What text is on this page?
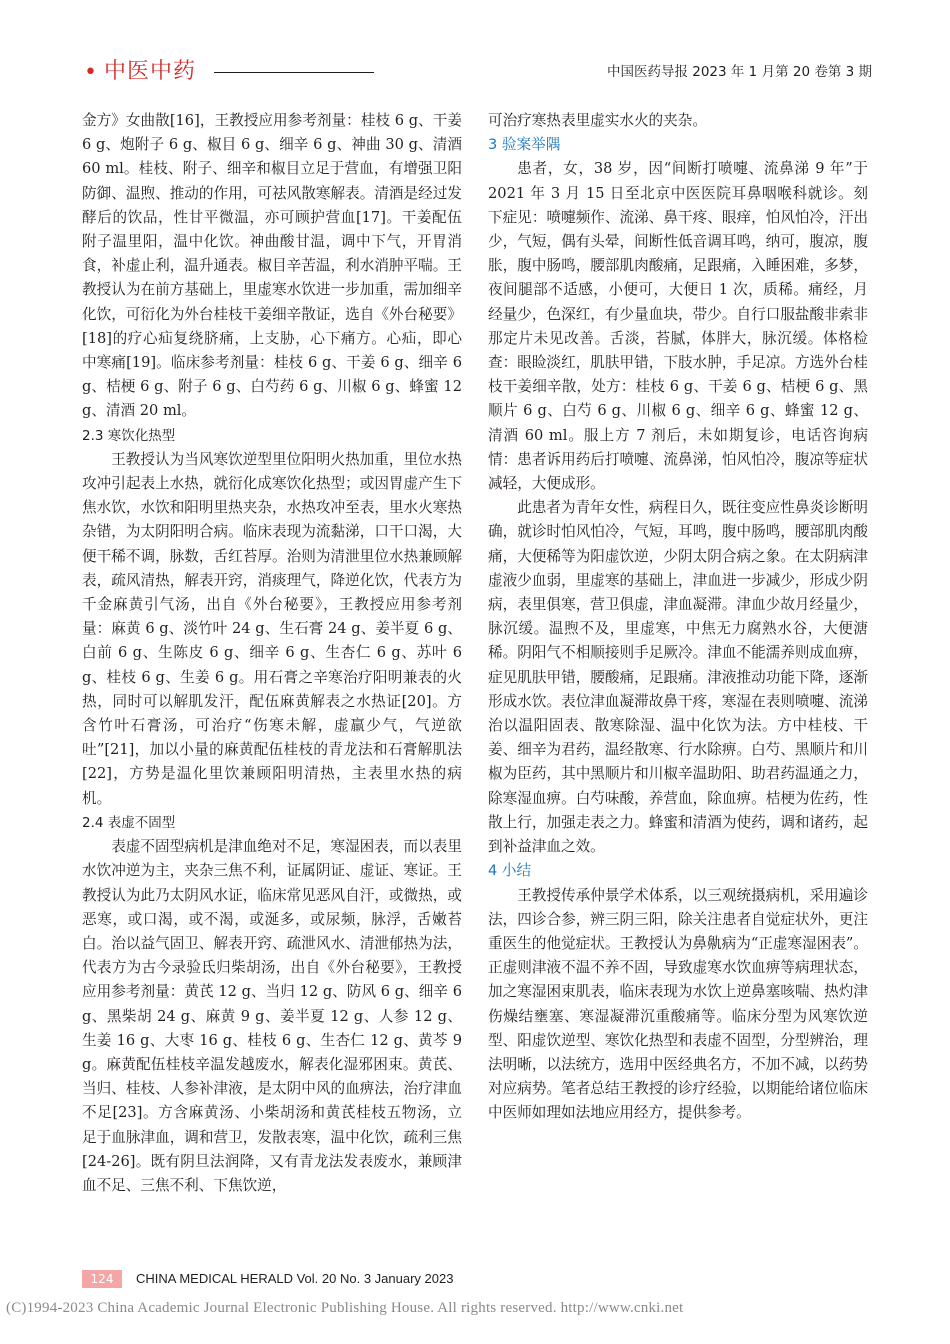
• 中医中药	中国医药导报 2023 年 1 月第 20 卷第 3 期

金方》女曲散[16]，王教授应用参考剂量：桂枝 6 g、干姜 6 g、炮附子 6 g、椒目 6 g、细辛 6 g、神曲 30 g、清酒 60 ml。桂枝、附子、细辛和椒目立足于营血，有增强卫阳防御、温煦、推动的作用，可祛风散寒解表。清酒是经过发酵后的饮品，性甘平微温，亦可顾护营血[17]。干姜配伍附子温里阳，温中化饮。神曲酸甘温，调中下气，开胃消食，补虚止利，温升通表。椒目辛苦温，利水消肿平喘。王教授认为在前方基础上，里虚寒水饮进一步加重，需加细辛化饮，可衍化为外台桂枝干姜细辛散证，选自《外台秘要》[18]的疗心疝复绕脐痛，上支胁，心下痛方。心疝，即心中寒痛[19]。临床参考剂量：桂枝 6 g、干姜 6 g、细辛 6 g、桔梗 6 g、附子 6 g、白芍药 6 g、川椒 6 g、蜂蜜 12 g、清酒 20 ml。

2.3 寒饮化热型

王教授认为当风寒饮逆型里位阳明火热加重，里位水热攻冲引起表上水热，就衍化成寒饮化热型；或因胃虚产生下焦水饮，水饮和阳明里热夹杂，水热攻冲至表，里水火寒热杂错，为太阴阳明合病。临床表现为流黏涕，口干口渴，大便干稀不调，脉数，舌红苔厚。治则为清泄里位水热兼顾解表，疏风清热，解表开窍，消痰理气，降逆化饮，代表方为千金麻黄引气汤，出自《外台秘要》，王教授应用参考剂量：麻黄 6 g、淡竹叶 24 g、生石膏 24 g、姜半夏 6 g、白前 6 g、生陈皮 6 g、细辛 6 g、生杏仁 6 g、苏叶 6 g、桂枝 6 g、生姜 6 g。用石膏之辛寒治疗阳明兼表的火热，同时可以解肌发汗，配伍麻黄解表之水热证[20]。方含竹叶石膏汤，可治疗“伤寒未解，虚羸少气，气逆欲吐”[21]，加以小量的麻黄配伍桂枝的青龙法和石膏解肌法[22]，方势是温化里饮兼顾阳明清热，主表里水热的病机。

2.4 表虚不固型

表虚不固型病机是津血绝对不足，寒湿困表，而以表里水饮冲逆为主，夹杂三焦不利，证属阴证、虚证、寒证。王教授认为此乃太阴风水证，临床常见恶风自汗，或微热，或恶寒，或口渴，或不渴，或涎多，或尿频，脉浮，舌嫩苔白。治以益气固卫、解表开窍、疏泄风水、清泄郁热为法，代表方为古今录验氐归柴胡汤，出自《外台秘要》，王教授应用参考剂量：黄芪 12 g、当归 12 g、防风 6 g、细辛 6 g、黑柴胡 24 g、麻黄 9 g、姜半夏 12 g、人参 12 g、生姜 16 g、大枣 16 g、桂枝 6 g、生杏仁 12 g、黄芩 9 g。麻黄配伍桂枝辛温发越废水，解表化湿邪困束。黄芪、当归、桂枝、人参补津液，是太阴中风的血痹法，治疗津血不足[23]。方含麻黄汤、小柴胡汤和黄芪桂枝五物汤，立足于血脉津血，调和营卫，发散表寒，温中化饮，疏利三焦[24-26]。既有阴旦法润降，又有青龙法发表废水，兼顾津血不足、三焦不利、下焦饮逆，

可治疗寒热表里虚实水火的夹杂。

3 验案举隅

患者，女，38 岁，因“间断打喷嚏、流鼻涕 9 年”于 2021 年 3 月 15 日至北京中医医院耳鼻咽喉科就诊。刻下症见：喷嚏频作、流涕、鼻干疼、眼痒，怕风怕冷，汗出少，气短，偶有头晕，间断性低音调耳鸣，纳可，腹凉，腹胀，腹中肠鸣，腰部肌肉酸痛，足跟痛，入睡困难，多梦，夜间腿部不适感，小便可，大便日 1 次，质稀。痛经，月经量少，色深红，有少量血块，带少。自行口服盐酸非索非那定片未见改善。舌淡，苔腻，体胖大，脉沉缓。体格检查：眼睑淡红，肌肤甲错，下肢水肿，手足凉。方选外台桂枝干姜细辛散，处方：桂枝 6 g、干姜 6 g、桔梗 6 g、黑顺片 6 g、白芍 6 g、川椒 6 g、细辛 6 g、蜂蜜 12 g、清酒 60 ml。服上方 7 剂后，未如期复诊，电话咨询病情：患者诉用药后打喷嚏、流鼻涕，怕风怕冷，腹凉等症状减轻，大便成形。

此患者为青年女性，病程日久，既往变应性鼻炎诊断明确，就诊时怕风怕冷，气短，耳鸣，腹中肠鸣，腰部肌肉酸痛，大便稀等为阳虚饮逆，少阴太阴合病之象。在太阴病津虚液少血弱，里虚寒的基础上，津血进一步减少，形成少阴病，表里俱寒，营卫俱虚，津血凝滞。津血少故月经量少，脉沉缓。温煦不及，里虚寒，中焦无力腐熟水谷，大便溏稀。阴阳气不相顺接则手足厥冷。津血不能濡养则成血痹，症见肌肤甲错，腰酸痛，足跟痛。津液推动功能下降，逐渐形成水饮。表位津血凝滞故鼻干疼，寒湿在表则喷嚏、流涕治以温阳固表、散寒除湿、温中化饮为法。方中桂枝、干姜、细辛为君药，温经散寒、行水除痹。白芍、黑顺片和川椒为臣药，其中黑顺片和川椒辛温助阳、助君药温通之力，除寒湿血痹。白芍味酸，养营血，除血痹。桔梗为佐药，性散上行，加强走表之力。蜂蜜和清酒为使药，调和诸药，起到补益津血之效。

4 小结

王教授传承仲景学术体系，以三观统摄病机，采用遍诊法，四诊合参，辨三阴三阳，除关注患者自觉症状外，更注重医生的他觉症状。王教授认为鼻鼽病为“正虚寒湿困表”。正虚则津液不温不养不固，导致虚寒水饮血痹等病理状态，加之寒湿困束肌表，临床表现为水饮上逆鼻塞咳喘、热灼津伤燥结壅塞、寒湿凝滞沉重酸痛等。临床分型为风寒饮逆型、阳虚饮逆型、寒饮化热型和表虚不固型，分型辨治，理法明晰，以法统方，选用中医经典名方，不加不减，以药势对应病势。笔者总结王教授的诊疗经验，以期能给诸位临床中医师如理如法地应用经方，提供参考。

124	CHINA MEDICAL HERALD Vol. 20 No. 3 January 2023
(C)1994-2023 China Academic Journal Electronic Publishing House. All rights reserved. http://www.cnki.net
